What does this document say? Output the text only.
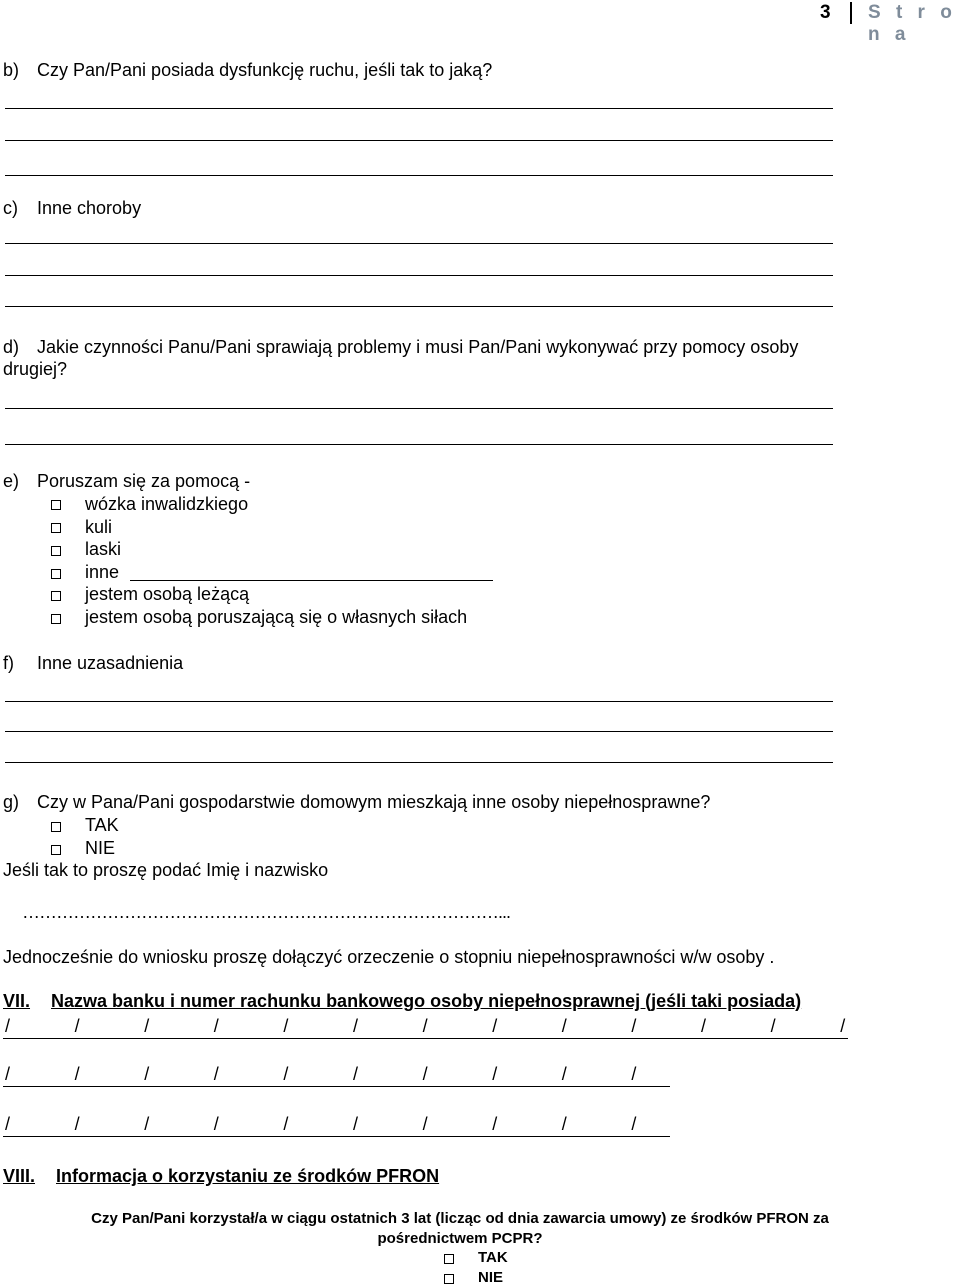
3 S t r o n a
b) Czy Pan/Pani posiada dysfunkcję ruchu, jeśli tak to jaką?
c) Inne choroby
d) Jakie czynności Panu/Pani sprawiają problemy i musi Pan/Pani wykonywać przy pomocy osoby
drugiej?
e) Poruszam się za pomocą -
wózka inwalidzkiego
kuli
laski
inne
jestem osobą leżącą
jestem osobą poruszającą się o własnych siłach
f) Inne uzasadnienia
g) Czy w Pana/Pani gospodarstwie domowym mieszkają inne osoby niepełnosprawne?
TAK
NIE
Jeśli tak to proszę podać Imię i nazwisko
…………………………………………………………………………...
Jednocześnie do wniosku proszę dołączyć orzeczenie o stopniu niepełnosprawności w/w osoby .
VII. Nazwa banku i numer rachunku bankowego osoby niepełnosprawnej (jeśli taki posiada)
/	/	/	/	/	/	/	/	/	/	/	/	/
/	/	/	/	/	/	/	/	/	/
/	/	/	/	/	/	/	/	/	/
VIII. Informacja o korzystaniu ze środków PFRON
Czy Pan/Pani korzystał/a w ciągu ostatnich 3 lat (licząc od dnia zawarcia umowy) ze środków PFRON za
pośrednictwem PCPR?
TAK
NIE
